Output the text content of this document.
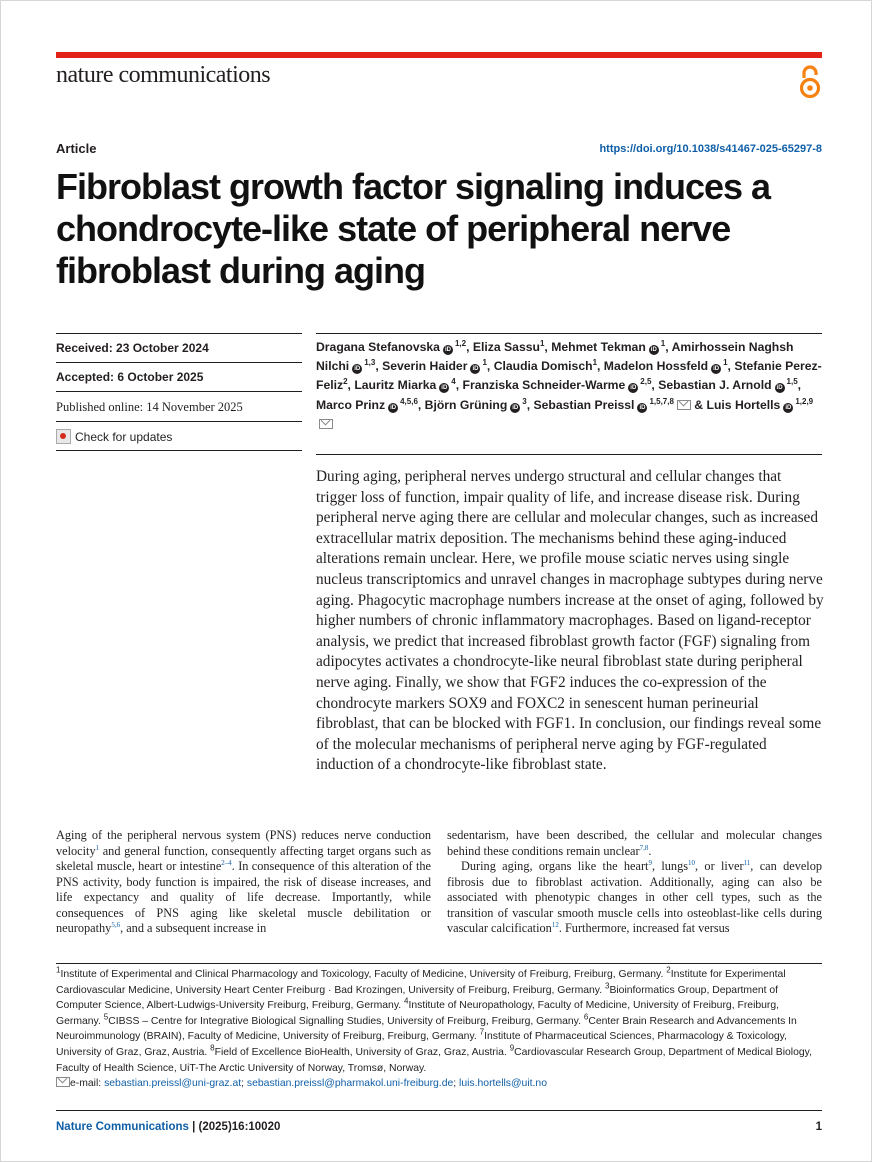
nature communications
Article	https://doi.org/10.1038/s41467-025-65297-8
Fibroblast growth factor signaling induces a chondrocyte-like state of peripheral nerve fibroblast during aging
Received: 23 October 2024
Accepted: 6 October 2025
Published online: 14 November 2025
Check for updates
Dragana Stefanovska iD$^{1,2}$, Eliza Sassu$^1$, Mehmet Tekman $iD^1$, Amirhossein Naghsh Nilchi iD$^{1,3}$, Severin Haider $iD^1$, Claudia Domisch$^1$, Madelon Hossfeld $iD^1$, Stefanie Perez-Feliz$^2$, Lauritz Miarka $iD^4$, Franziska Schneider-Warme iD$^{2,5}$, Sebastian J. Arnold iD$^{1,5}$, Marco Prinz iD$^{4,5,6}$, Björn Grüning $iD^3$, Sebastian Preissl iD$^{1,5,7,8}$ & Luis Hortells iD$^{1,2,9}$

During aging, peripheral nerves undergo structural and cellular changes that trigger loss of function, impair quality of life, and increase disease risk. During peripheral nerve aging there are cellular and molecular changes, such as increased extracellular matrix deposition. The mechanisms behind these aging-induced alterations remain unclear. Here, we profile mouse sciatic nerves using single nucleus transcriptomics and unravel changes in macrophage subtypes during nerve aging. Phagocytic macrophage numbers increase at the onset of aging, followed by higher numbers of chronic inflammatory macrophages. Based on ligand-receptor analysis, we predict that increased fibroblast growth factor (FGF) signaling from adipocytes activates a chondrocyte-like neural fibroblast state during peripheral nerve aging. Finally, we show that FGF2 induces the co-expression of the chondrocyte markers SOX9 and FOXC2 in senescent human perineurial fibroblast, that can be blocked with FGF1. In conclusion, our findings reveal some of the molecular mechanisms of peripheral nerve aging by FGF-regulated induction of a chondrocyte-like fibroblast state.

Aging of the peripheral nervous system (PNS) reduces nerve conduction velocity$^1$ and general function, consequently affecting target organs such as skeletal muscle, heart or intestine$^{2-4}$. In consequence of this alteration of the PNS activity, body function is impaired, the risk of disease increases, and life expectancy and quality of life decrease. Importantly, while consequences of PNS aging like skeletal muscle debilitation or neuropathy$^{5,6}$, and a subsequent increase in

sedentarism, have been described, the cellular and molecular changes behind these conditions remain unclear$^{7,8}$.
During aging, organs like the heart$^9$, lungs$^{10}$, or liver$^{11}$, can develop fibrosis due to fibroblast activation. Additionally, aging can also be associated with phenotypic changes in other cell types, such as the transition of vascular smooth muscle cells into osteoblast-like cells during vascular calcification$^{12}$. Furthermore, increased fat versus

$^1$Institute of Experimental and Clinical Pharmacology and Toxicology, Faculty of Medicine, University of Freiburg, Freiburg, Germany. $^2$Institute for Experimental Cardiovascular Medicine, University Heart Center Freiburg · Bad Krozingen, University of Freiburg, Freiburg, Germany. $^3$Bioinformatics Group, Department of Computer Science, Albert-Ludwigs-University Freiburg, Freiburg, Germany. $^4$Institute of Neuropathology, Faculty of Medicine, University of Freiburg, Freiburg, Germany. $^5$CIBSS – Centre for Integrative Biological Signalling Studies, University of Freiburg, Freiburg, Germany. $^6$Center Brain Research and Advancements In Neuroimmunology (BRAIN), Faculty of Medicine, University of Freiburg, Freiburg, Germany. $^7$Institute of Pharmaceutical Sciences, Pharmacology & Toxicology, University of Graz, Graz, Austria. $^8$Field of Excellence BioHealth, University of Graz, Graz, Austria. $^9$Cardiovascular Research Group, Department of Medical Biology, Faculty of Health Science, UiT-The Arctic University of Norway, Tromsø, Norway.
e-mail: sebastian.preissl@uni-graz.at; sebastian.preissl@pharmakol.uni-freiburg.de; luis.hortells@uit.no

Nature Communications | (2025)16:10020	1
